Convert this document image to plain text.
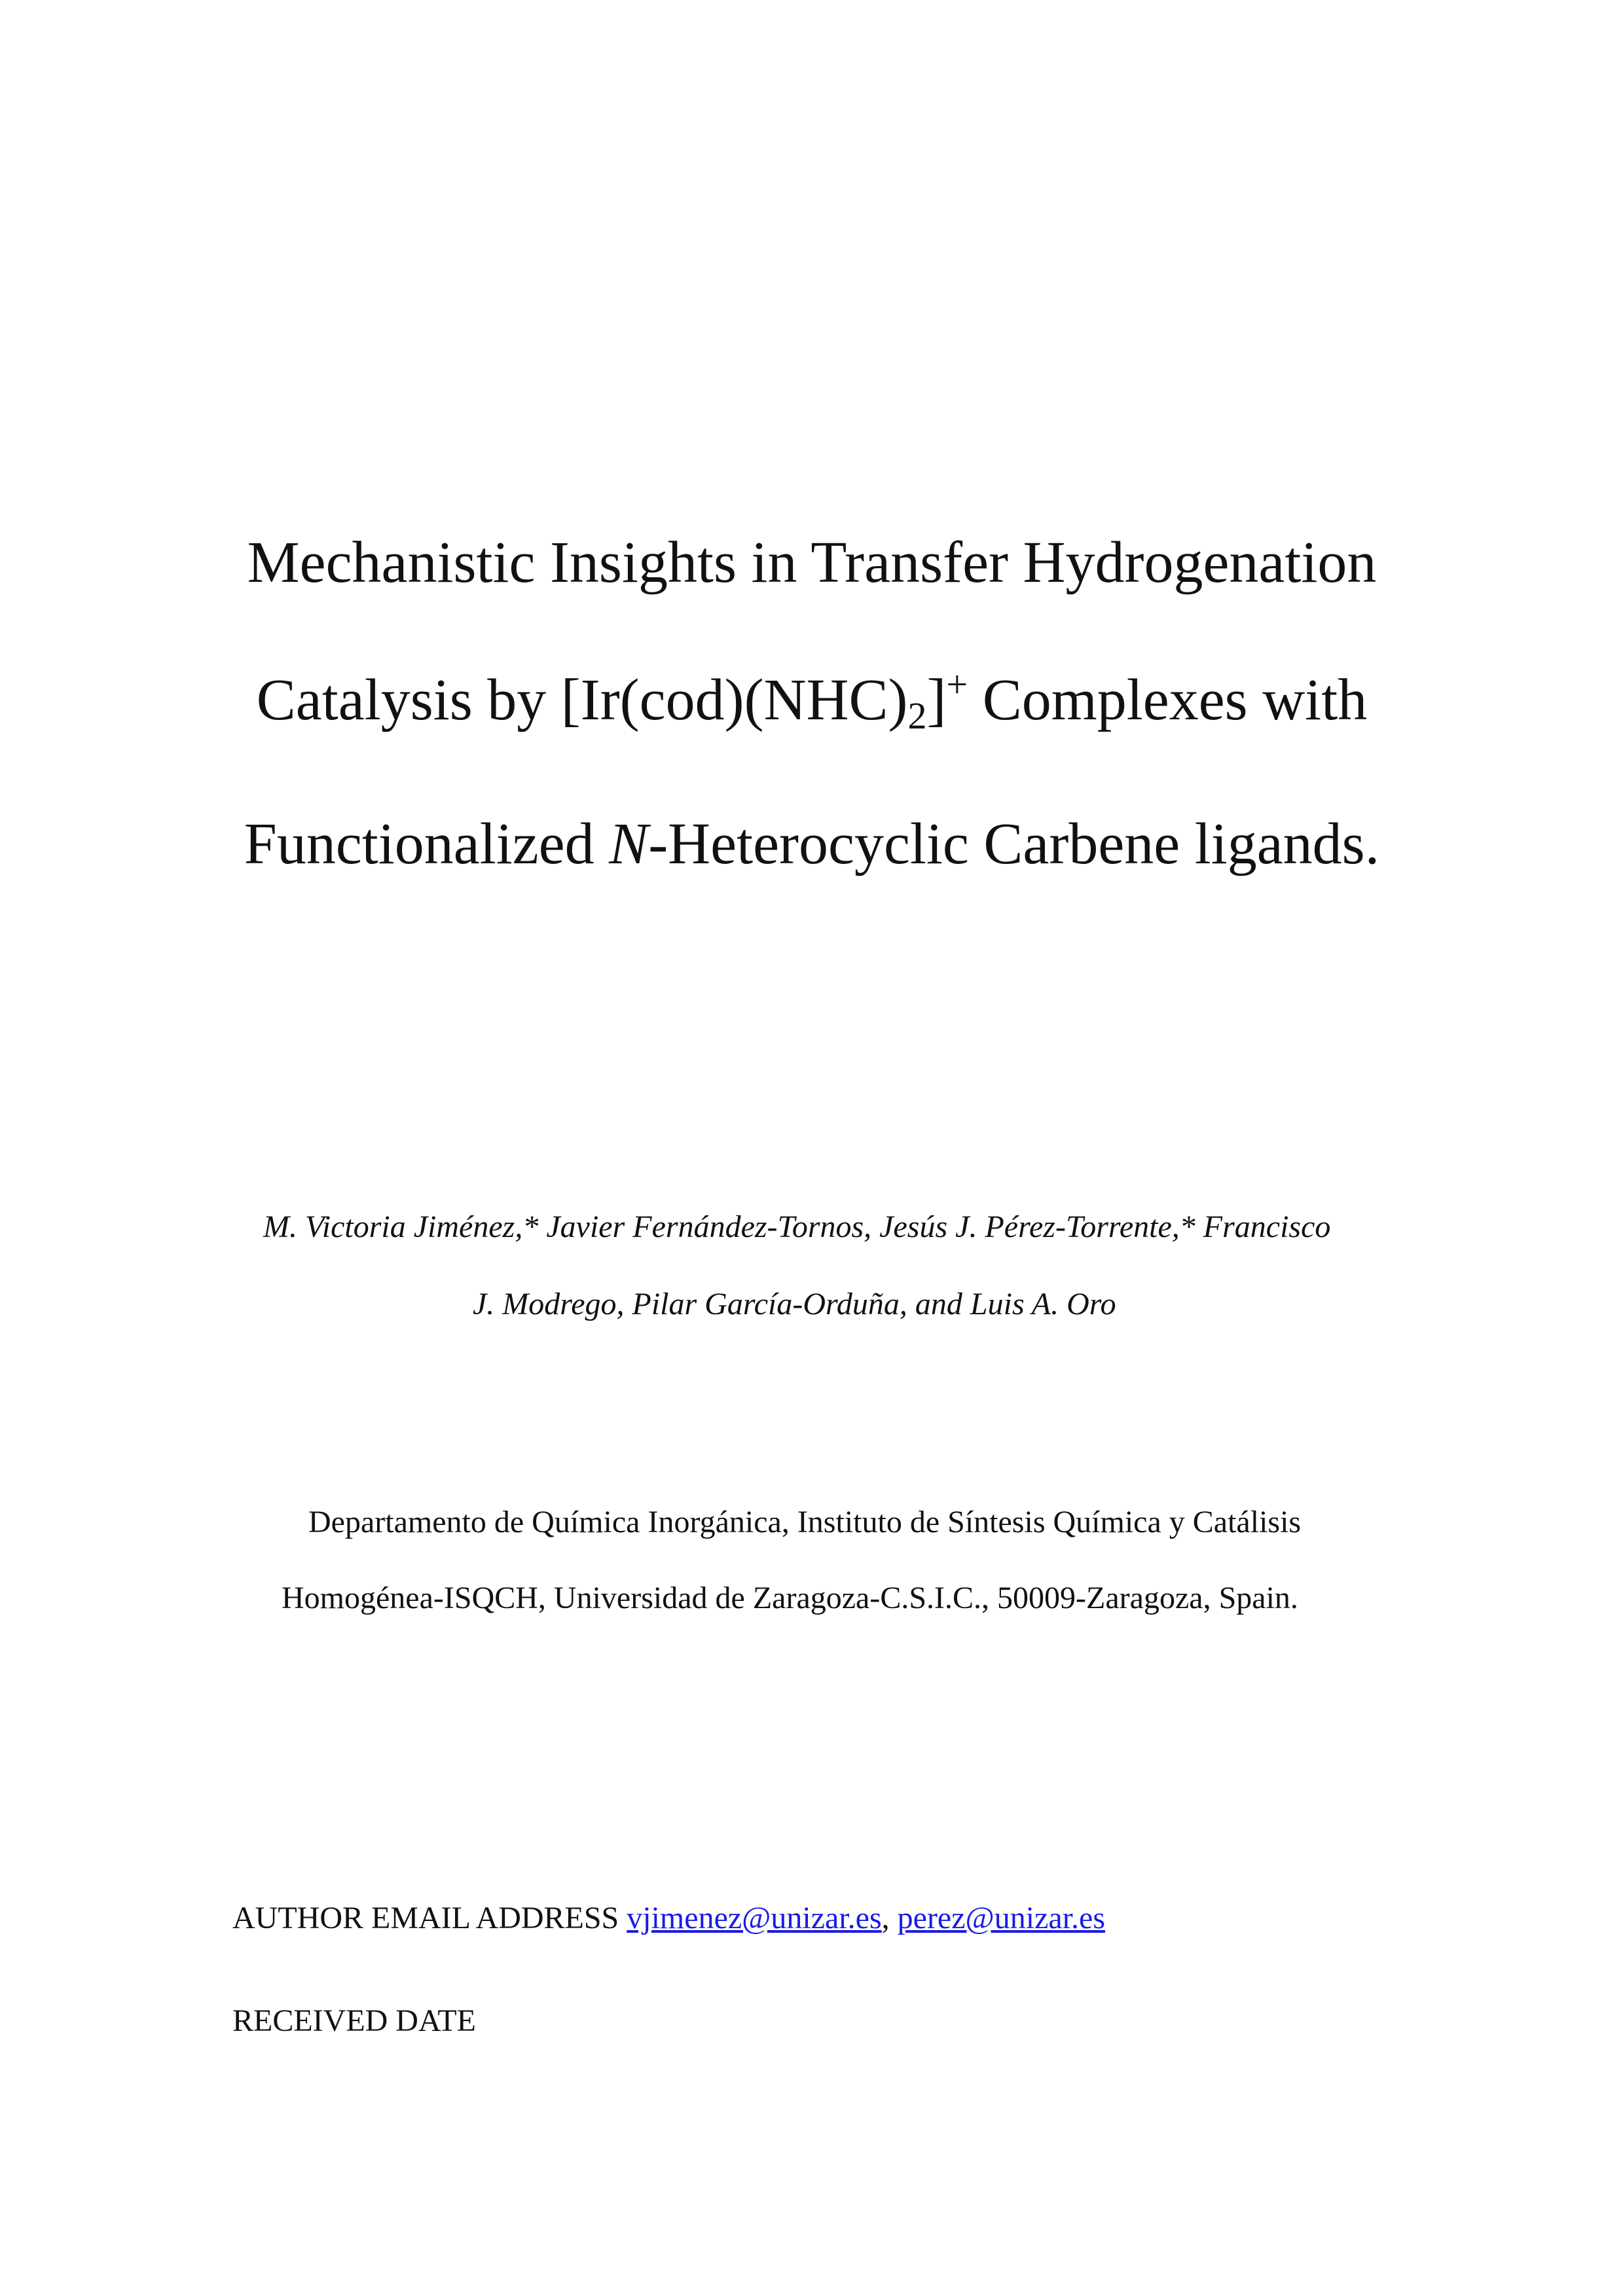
Mechanistic Insights in Transfer Hydrogenation
Catalysis by $[Ir(cod)(NHC)_2]^+$ Complexes with
Functionalized N-Heterocyclic Carbene ligands.

M. Victoria Jiménez,* Javier Fernández-Tornos, Jesús J. Pérez-Torrente,* Francisco

J. Modrego, Pilar García-Orduña, and Luis A. Oro

Departamento de Química Inorgánica, Instituto de Síntesis Química y Catálisis

Homogénea-ISQCH, Universidad de Zaragoza-C.S.I.C., 50009-Zaragoza, Spain.

AUTHOR EMAIL ADDRESS vjimenez@unizar.es, perez@unizar.es

RECEIVED DATE
